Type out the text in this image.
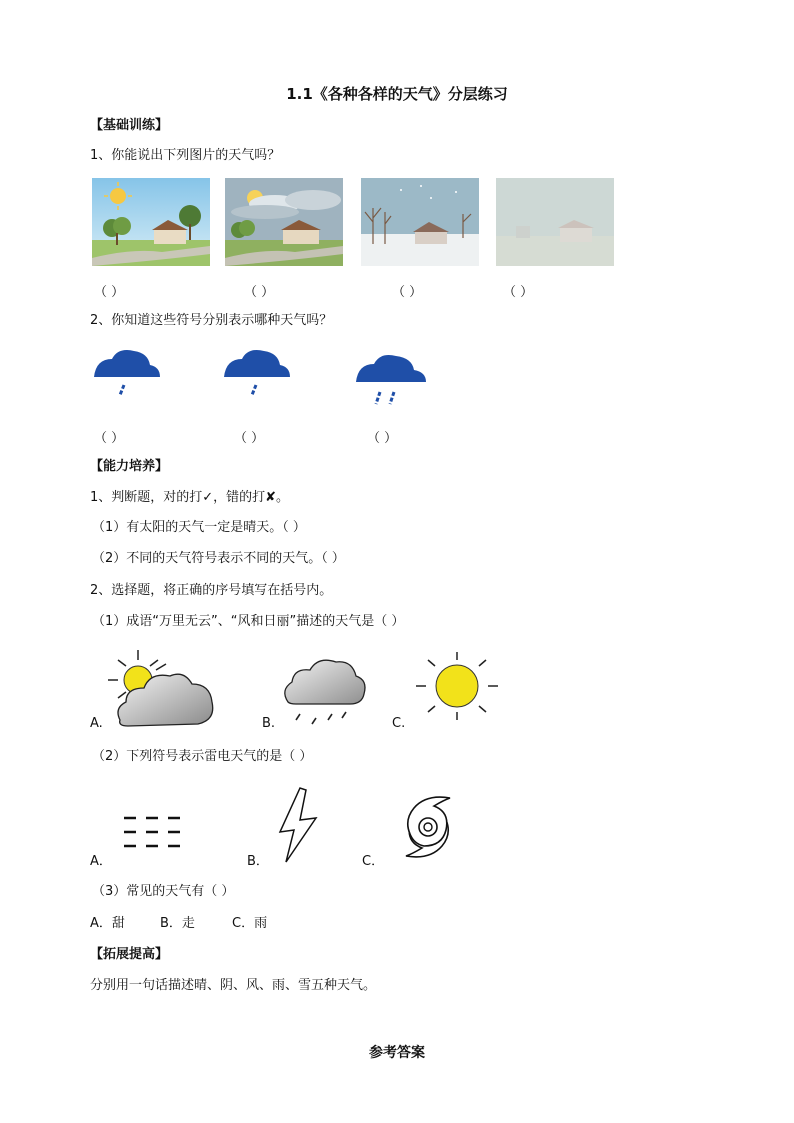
1.1《各种各样的天气》分层练习
【基础训练】
1、你能说出下列图片的天气吗？
（ ）	（ ）	（ ）	（ ）
2、你知道这些符号分别表示哪种天气吗？
（ ）	（ ）	（ ）
【能力培养】
1、判断题，对的打✓，错的打✘。
（1）有太阳的天气一定是晴天。（ ）
（2）不同的天气符号表示不同的天气。（ ）
2、选择题，将正确的序号填写在括号内。
（1）成语“万里无云”、“风和日丽”描述的天气是（ ）
A.	B.	C.
（2）下列符号表示雷电天气的是（ ）
A．	B．	C．
（3）常见的天气有（ ）
A．甜	B．走	C．雨
【拓展提高】
分别用一句话描述晴、阴、风、雨、雪五种天气。
参考答案
